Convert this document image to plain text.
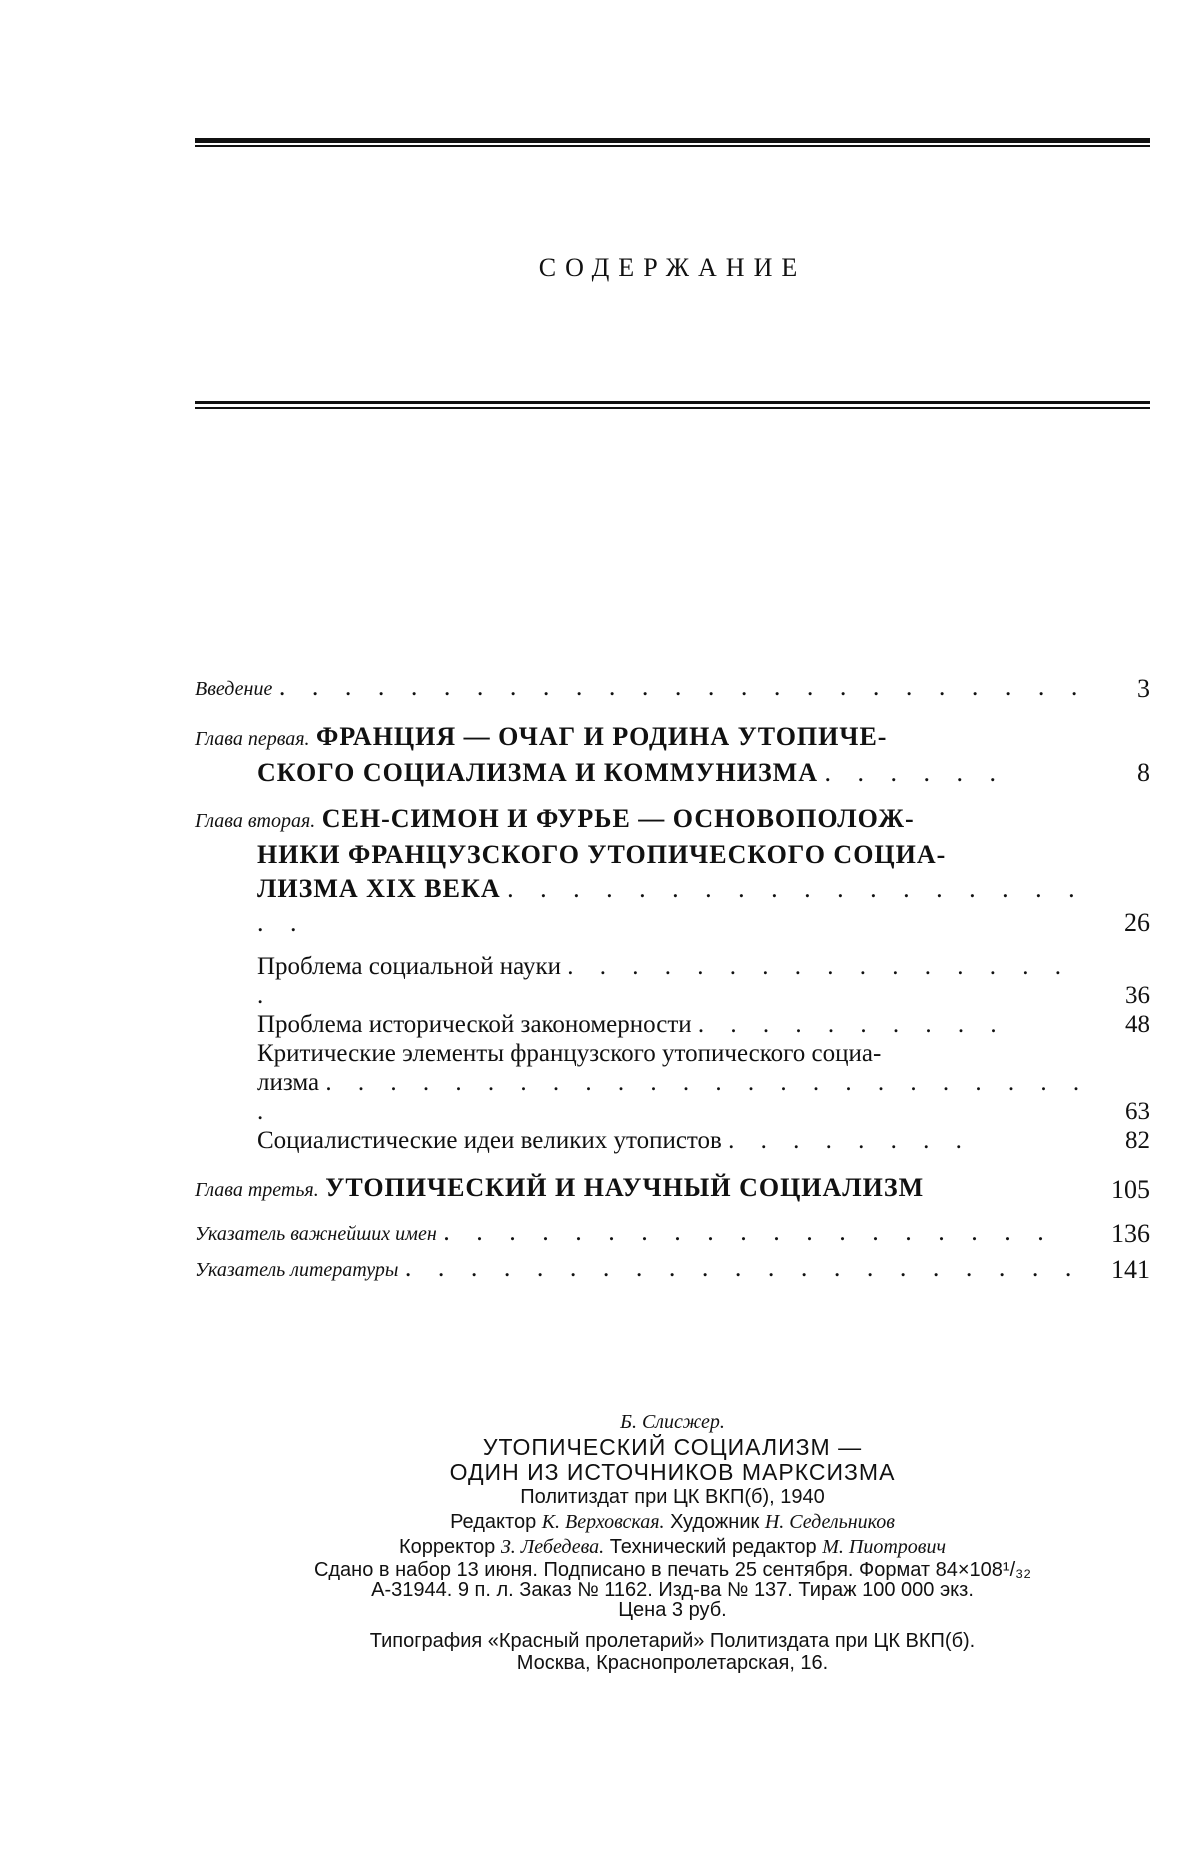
СОДЕРЖАНИЕ
Введение . . . . . . . . . . . . . . . . . . . . . . . . . 3
Глава первая. ФРАНЦИЯ — ОЧАГ И РОДИНА УТОПИЧЕ-
СКОГО СОЦИАЛИЗМА И КОММУНИЗМА . . . . . .	8
Глава вторая. СЕН-СИМОН И ФУРЬЕ — ОСНОВОПОЛОЖ-
НИКИ ФРАНЦУЗСКОГО УТОПИЧЕСКОГО СОЦИА-
ЛИЗМА XIX ВЕКА . . . . . . . . . . . . . . . . . . . .	26
Проблема социальной науки . . . . . . . . . . . . . . . . .	36
Проблема исторической закономерности . . . . . . . . . .	48
Критические элементы французского утопического социа-
лизма . . . . . . . . . . . . . . . . . . . . . . . . .	63
Социалистические идеи великих утопистов . . . . . . . .	82
Глава третья. УТОПИЧЕСКИЙ И НАУЧНЫЙ СОЦИАЛИЗМ	105
Указатель важнейших имен . . . . . . . . . . . . . . . . . . . 136
Указатель литературы . . . . . . . . . . . . . . . . . . . . . 141
Б. Слисжер.
УТОПИЧЕСКИЙ СОЦИАЛИЗМ —
ОДИН ИЗ ИСТОЧНИКОВ МАРКСИЗМА
Политиздат при ЦК ВКП(б), 1940
Редактор К. Верховская. Художник Н. Седельников
Корректор З. Лебедева. Технический редактор М. Пиотрович
Сдано в набор 13 июня. Подписано в печать 25 сентября. Формат 84×108¹/₃₂
А-31944. 9 п. л. Заказ № 1162. Изд-ва № 137. Тираж 100 000 экз.
Цена 3 руб.
Типография «Красный пролетарий» Политиздата при ЦК ВКП(б).
Москва, Краснопролетарская, 16.
